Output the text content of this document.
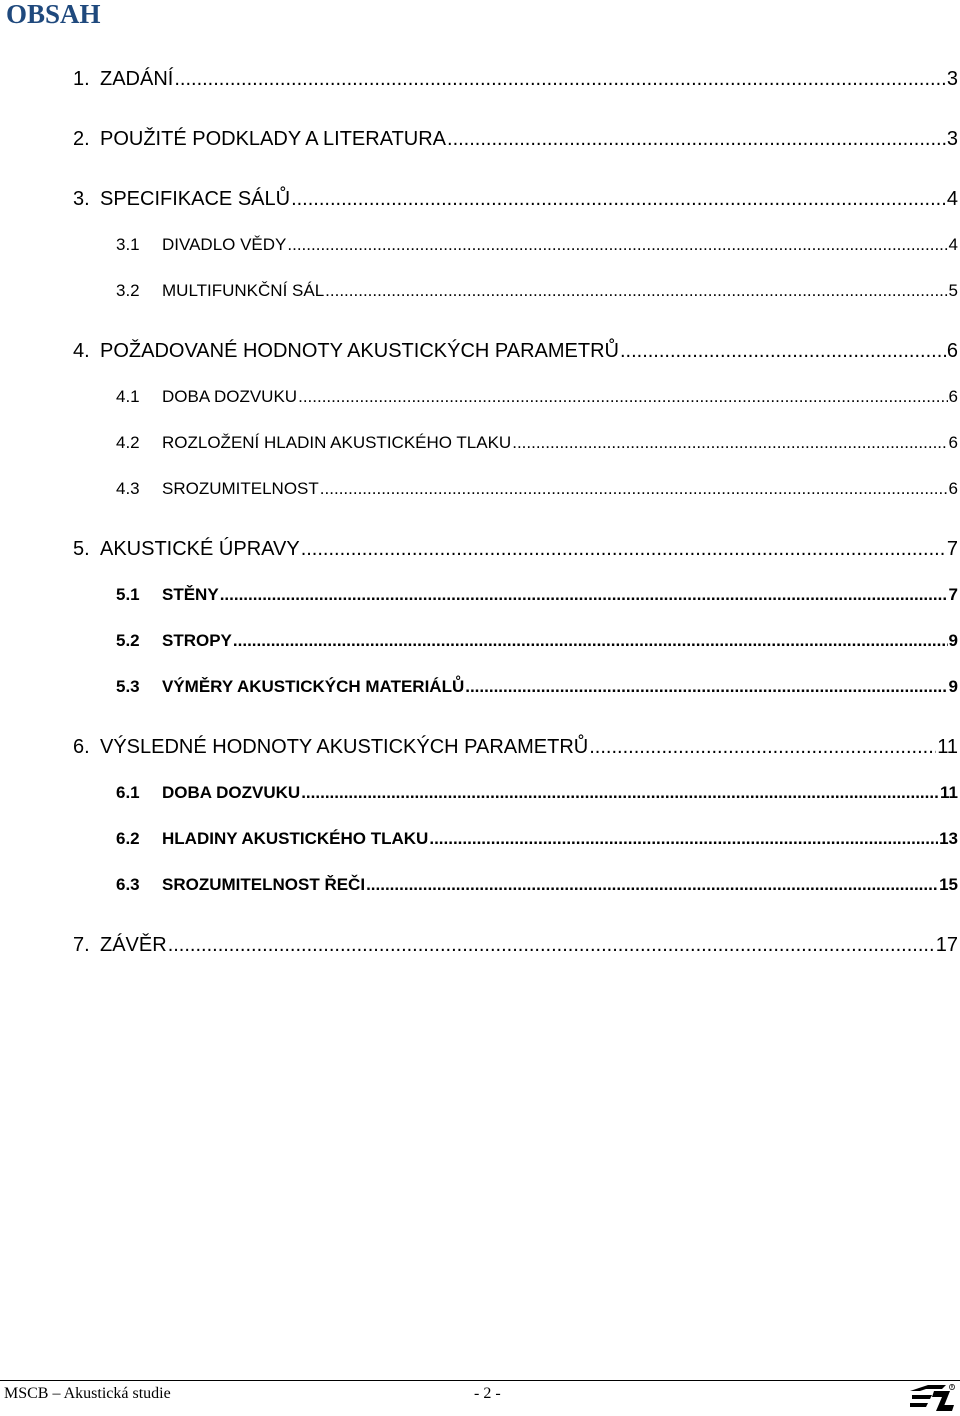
OBSAH
1. ZADÁNÍ .....	3
2. POUŽITÉ PODKLADY A LITERATURA .....	3
3. SPECIFIKACE SÁLŮ .....	4
3.1	DIVADLO VĚDY .....	4
3.2	MULTIFUNKČNÍ SÁL .....	5
4. POŽADOVANÉ HODNOTY AKUSTICKÝCH PARAMETRŮ .....	6
4.1	DOBA DOZVUKU .....	6
4.2	ROZLOŽENÍ HLADIN AKUSTICKÉHO TLAKU .....	6
4.3	SROZUMITELNOST .....	6
5. AKUSTICKÉ ÚPRAVY .....	7
5.1	STĚNY .....	7
5.2	STROPY .....	9
5.3	VÝMĚRY AKUSTICKÝCH MATERIÁLŮ .....	9
6. VÝSLEDNÉ HODNOTY AKUSTICKÝCH PARAMETRŮ .....	11
6.1	DOBA DOZVUKU .....	11
6.2	HLADINY AKUSTICKÉHO TLAKU .....	13
6.3	SROZUMITELNOST ŘEČI .....	15
7. ZÁVĚR .....	17
MSCB – Akustická studie	- 2 -	R
